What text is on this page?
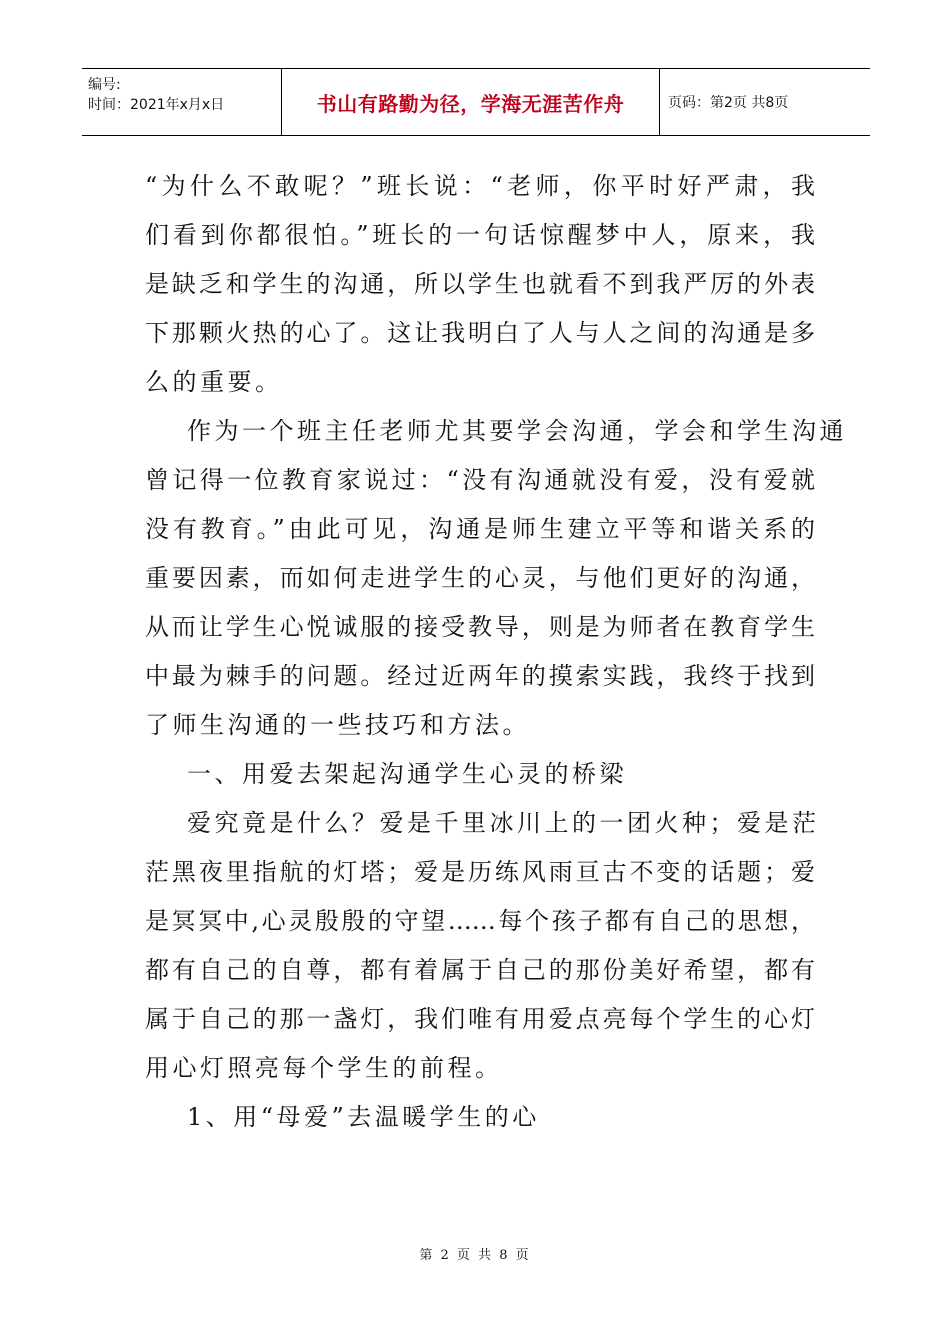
编号:
时间：2021年x月x日	书山有路勤为径，学海无涯苦作舟	页码：第2页 共8页
“为什么不敢呢？”班长说：“老师，你平时好严肃，我
们看到你都很怕。”班长的一句话惊醒梦中人，原来，我
是缺乏和学生的沟通，所以学生也就看不到我严厉的外表
下那颗火热的心了。这让我明白了人与人之间的沟通是多
么的重要。
作为一个班主任老师尤其要学会沟通，学会和学生沟通
曾记得一位教育家说过：“没有沟通就没有爱，没有爱就
没有教育。”由此可见，沟通是师生建立平等和谐关系的
重要因素，而如何走进学生的心灵，与他们更好的沟通，
从而让学生心悦诚服的接受教导，则是为师者在教育学生
中最为棘手的问题。经过近两年的摸索实践，我终于找到
了师生沟通的一些技巧和方法。
一、用爱去架起沟通学生心灵的桥梁
爱究竟是什么？爱是千里冰川上的一团火种；爱是茫
茫黑夜里指航的灯塔；爱是历练风雨亘古不变的话题；爱
是冥冥中,心灵殷殷的守望……每个孩子都有自己的思想，
都有自己的自尊，都有着属于自己的那份美好希望，都有
属于自己的那一盏灯，我们唯有用爱点亮每个学生的心灯
用心灯照亮每个学生的前程。
1、用“母爱”去温暖学生的心
第 2 页 共 8 页
